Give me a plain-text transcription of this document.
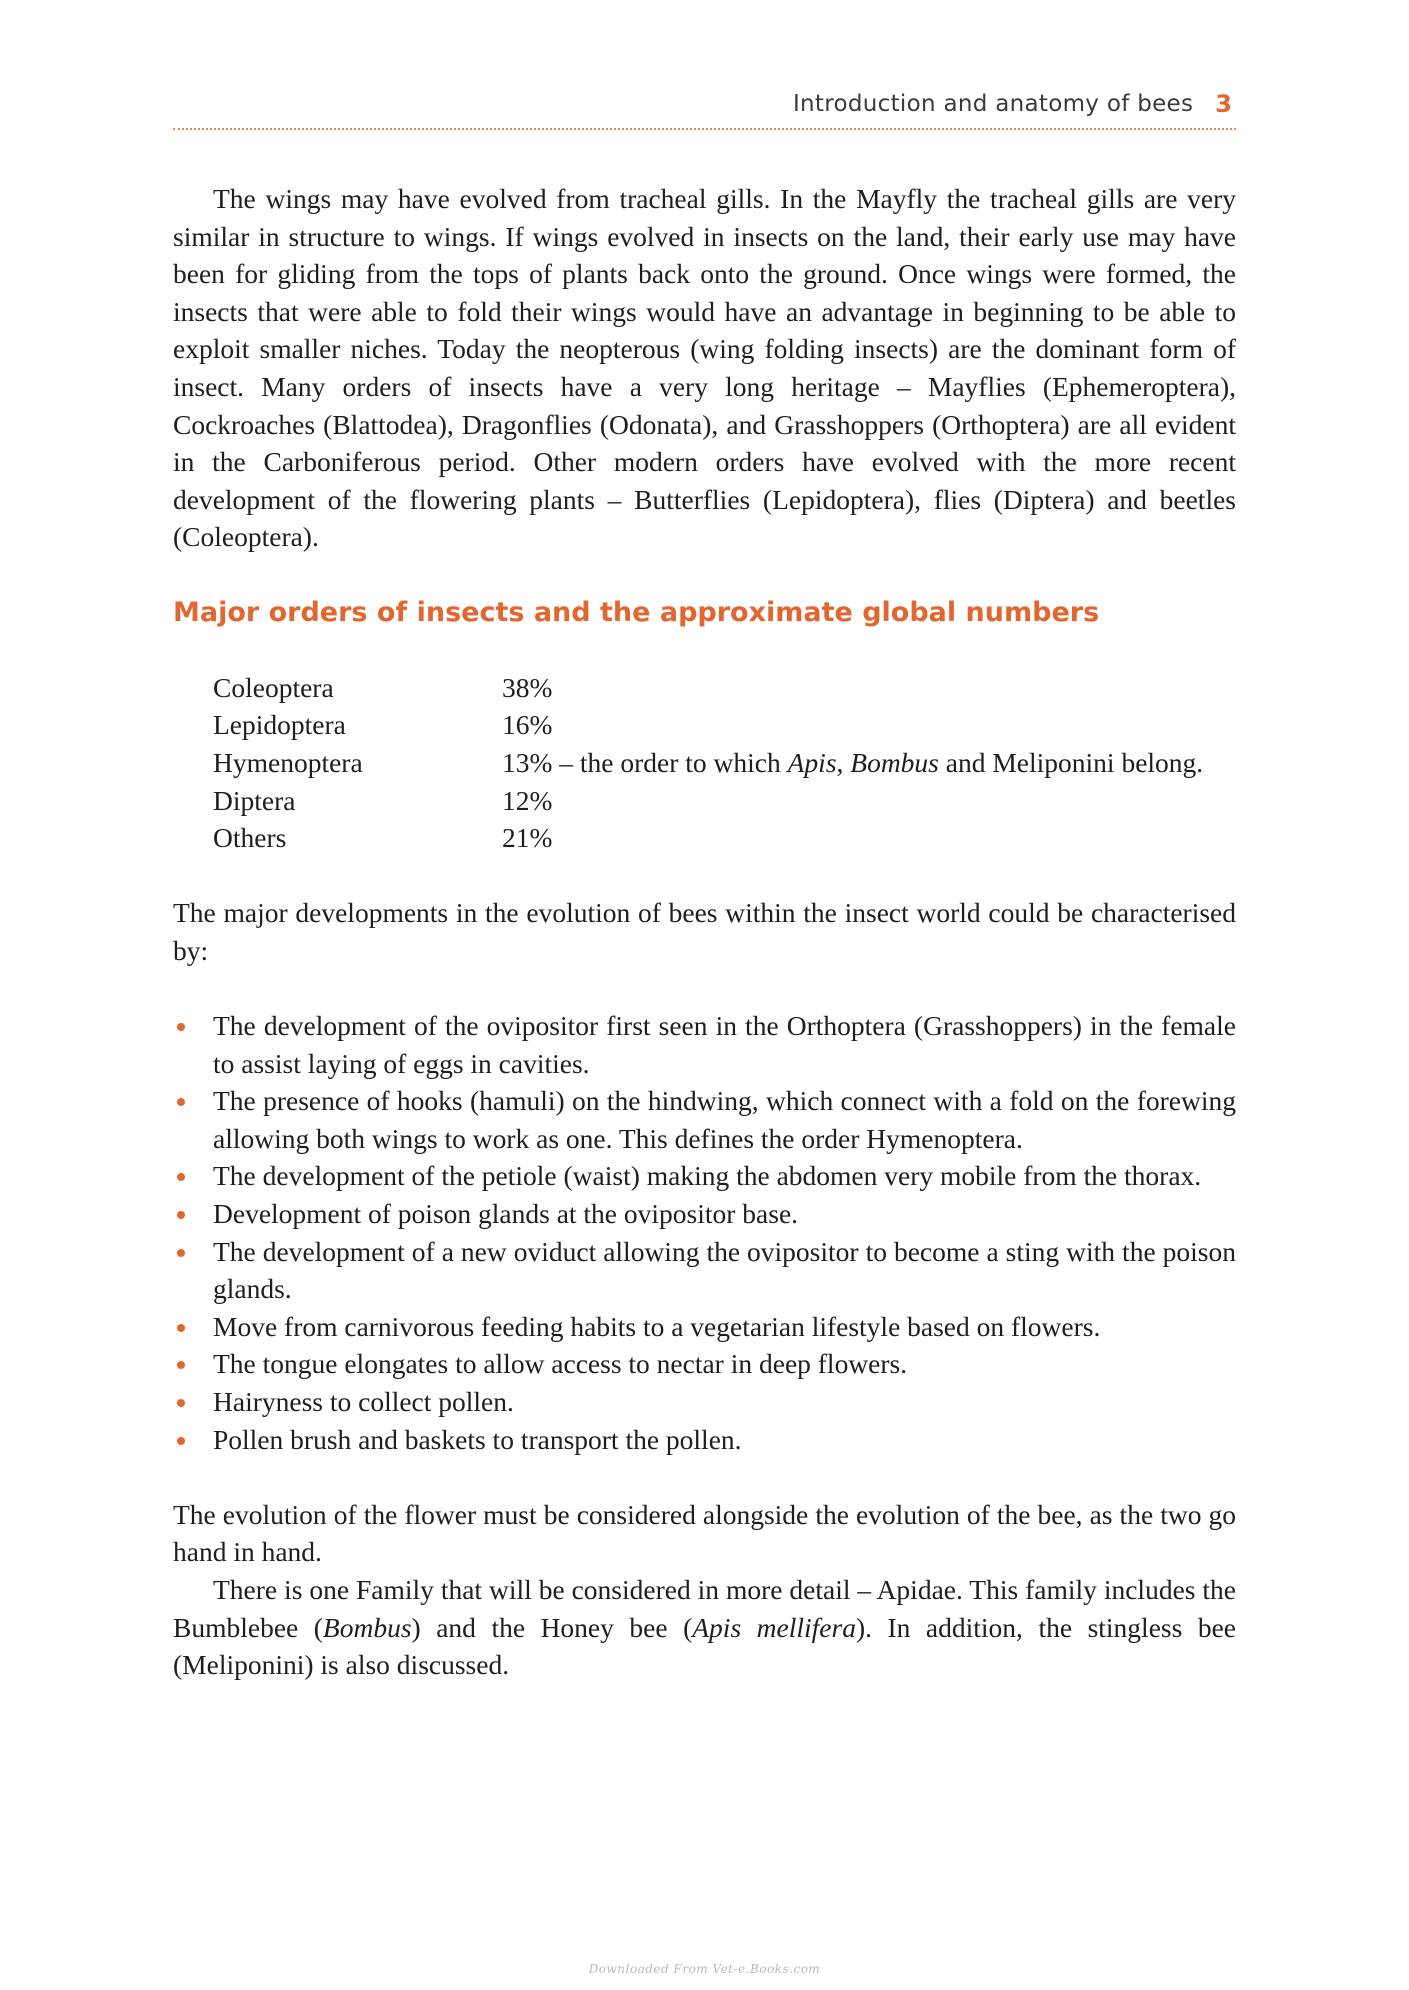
Introduction and anatomy of bees 3

The wings may have evolved from tracheal gills. In the Mayfly the tracheal gills are very similar in structure to wings. If wings evolved in insects on the land, their early use may have been for gliding from the tops of plants back onto the ground. Once wings were formed, the insects that were able to fold their wings would have an advantage in beginning to be able to exploit smaller niches. Today the neopterous (wing folding insects) are the dominant form of insect. Many orders of insects have a very long heritage – Mayflies (Ephemeroptera), Cockroaches (Blattodea), Dragonflies (Odonata), and Grasshoppers (Orthoptera) are all evident in the Carboniferous period. Other modern orders have evolved with the more recent development of the flowering plants – Butterflies (Lepidoptera), flies (Diptera) and beetles (Coleoptera).

Major orders of insects and the approximate global numbers
Coleoptera	38%
Lepidoptera	16%
Hymenoptera	13% – the order to which Apis, Bombus and Meliponini belong.
Diptera	12%
Others	21%

The major developments in the evolution of bees within the insect world could be characterised by:

The development of the ovipositor first seen in the Orthoptera (Grasshoppers) in the female to assist laying of eggs in cavities.
The presence of hooks (hamuli) on the hindwing, which connect with a fold on the forewing allowing both wings to work as one. This defines the order Hymenoptera.
The development of the petiole (waist) making the abdomen very mobile from the thorax.
Development of poison glands at the ovipositor base.
The development of a new oviduct allowing the ovipositor to become a sting with the poison glands.
Move from carnivorous feeding habits to a vegetarian lifestyle based on flowers.
The tongue elongates to allow access to nectar in deep flowers.
Hairyness to collect pollen.
Pollen brush and baskets to transport the pollen.

The evolution of the flower must be considered alongside the evolution of the bee, as the two go hand in hand.

There is one Family that will be considered in more detail – Apidae. This family includes the Bumblebee (Bombus) and the Honey bee (Apis mellifera). In addition, the stingless bee (Meliponini) is also discussed.

Downloaded From Vet-e.Books.com
